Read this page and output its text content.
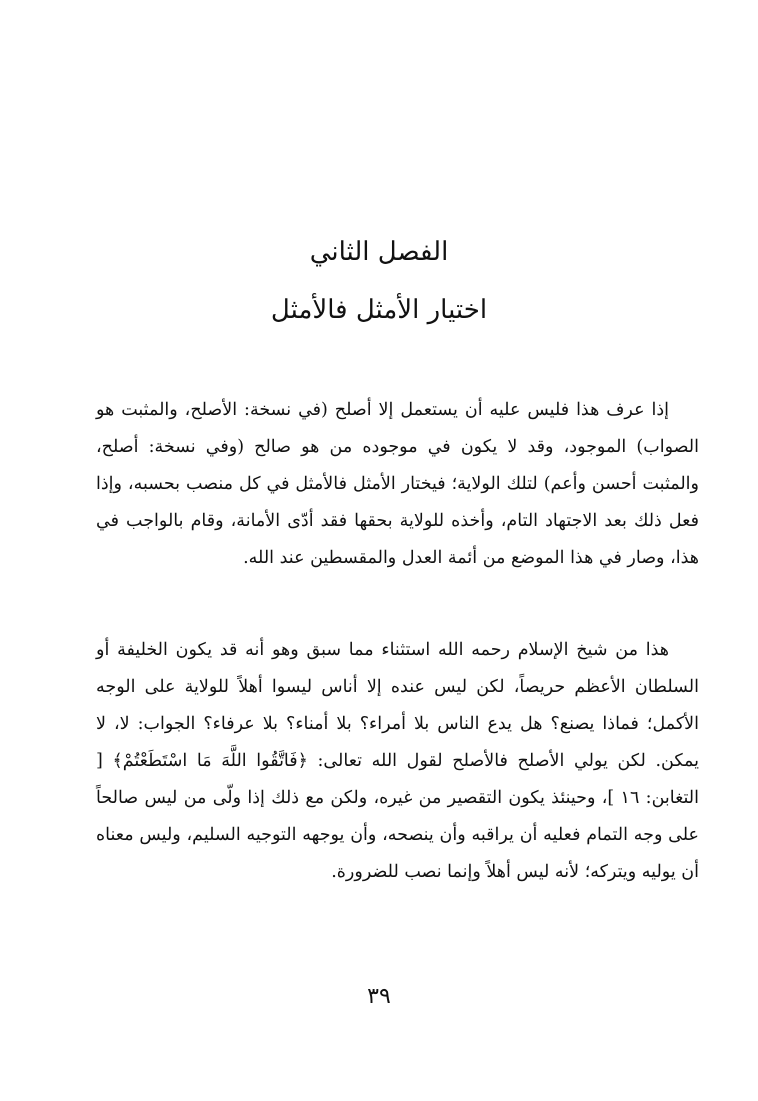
الفصل الثاني
اختيار الأمثل فالأمثل

إذا عرف هذا فليس عليه أن يستعمل إلا أصلح (في نسخة: الأصلح، والمثبت هو الصواب) الموجود، وقد لا يكون في موجوده من هو صالح (وفي نسخة: أصلح، والمثبت أحسن وأعم) لتلك الولاية؛ فيختار الأمثل فالأمثل في كل منصب بحسبه، وإذا فعل ذلك بعد الاجتهاد التام، وأخذه للولاية بحقها فقد أدّى الأمانة، وقام بالواجب في هذا، وصار في هذا الموضع من أئمة العدل والمقسطين عند الله.

هذا من شيخ الإسلام رحمه الله استثناء مما سبق وهو أنه قد يكون الخليفة أو السلطان الأعظم حريصاً، لكن ليس عنده إلا أناس ليسوا أهلاً للولاية على الوجه الأكمل؛ فماذا يصنع؟ هل يدع الناس بلا أمراء؟ بلا أمناء؟ بلا عرفاء؟ الجواب: لا، لا يمكن. لكن يولي الأصلح فالأصلح لقول الله تعالى: ﴿فَاتَّقُوا اللَّهَ مَا اسْتَطَعْتُمْ﴾ [ التغابن: ١٦ ]، وحينئذ يكون التقصير من غيره، ولكن مع ذلك إذا ولّى من ليس صالحاً على وجه التمام فعليه أن يراقبه وأن ينصحه، وأن يوجهه التوجيه السليم، وليس معناه أن يوليه ويتركه؛ لأنه ليس أهلاً وإنما نصب للضرورة.

٣٩
